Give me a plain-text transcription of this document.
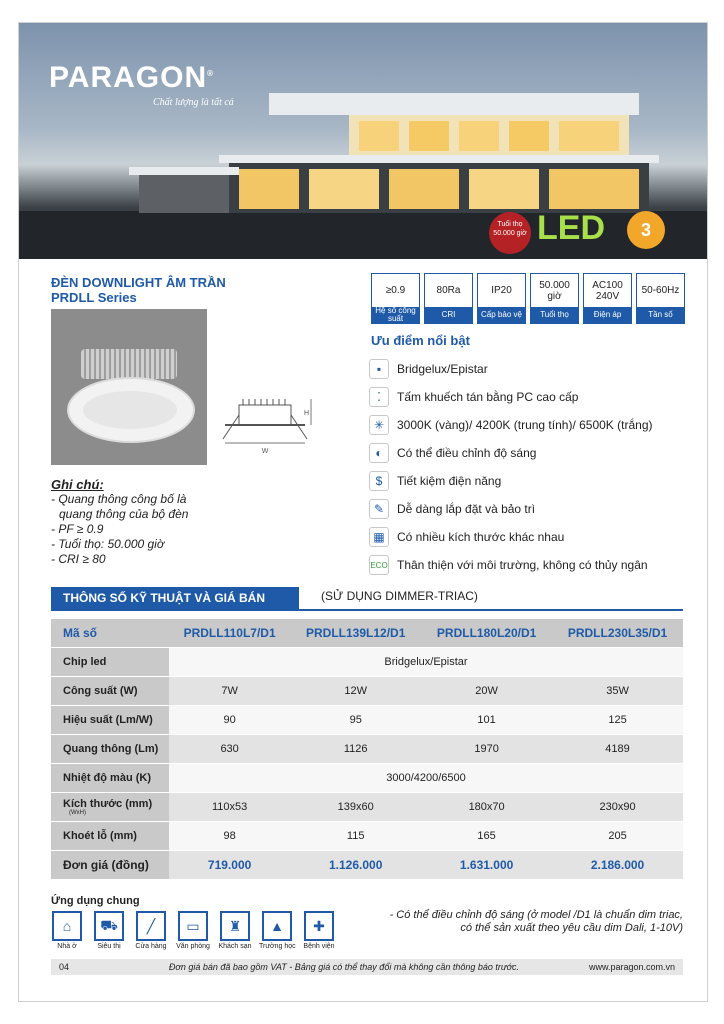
PARAGON®
Chất lượng là tất cả
Tuổi thọ 50.000 giờ LED	3
ĐÈN DOWNLIGHT ÂM TRẦN
PRDLL Series	≥0.9
Hệ số công suất
80Ra
CRI
IP20
Cấp bảo vệ
50.000 giờ
Tuổi thọ
AC100 240V
Điện áp
50-60Hz
Tần số
H
W
Ghi chú:
- Quang thông công bố là
quang thông của bộ đèn
- PF ≥ 0.9
- Tuổi thọ: 50.000 giờ
- CRI ≥ 80
Ưu điểm nổi bật
▪	Bridgelux/Epistar
⁚	Tấm khuếch tán bằng PC cao cấp
✳	3000K (vàng)/ 4200K (trung tính)/ 6500K (trắng)
◐	Có thể điều chỉnh độ sáng
$	Tiết kiệm điện năng
✎	Dễ dàng lắp đặt và bảo trì
▦	Có nhiều kích thước khác nhau
ECO Thân thiện với môi trường, không có thủy ngân
THÔNG SỐ KỸ THUẬT VÀ GIÁ BÁN	(SỬ DỤNG DIMMER-TRIAC)
Mã số	PRDLL110L7/D1	PRDLL139L12/D1	PRDLL180L20/D1	PRDLL230L35/D1
Chip led	Bridgelux/Epistar			
Công suất (W)	7W	12W	20W	35W
Hiệu suất (Lm/W)	90	95	101	125
Quang thông (Lm)	630	1126	1970	4189
Nhiệt độ màu (K)	3000/4200/6500			
Kích thước (mm)
(WxH)	110x53	139x60	180x70	230x90
Khoét lỗ (mm)	98	115	165	205
Đơn giá (đồng)	719.000	1.126.000	1.631.000	2.186.000
Ứng dụng chung
⌂
Nhà ở
⛟
Siêu thị
╱
Cửa hàng
▭
Văn phòng
♜
Khách sạn
▲
Trường học
✚
Bệnh viện
- Có thể điều chỉnh độ sáng (ở model /D1 là chuẩn dim triac,
có thể sản xuất theo yêu cầu dim Dali, 1-10V)
04	Đơn giá bán đã bao gồm VAT - Bảng giá có thể thay đổi mà không cần thông báo trước.	www.paragon.com.vn
